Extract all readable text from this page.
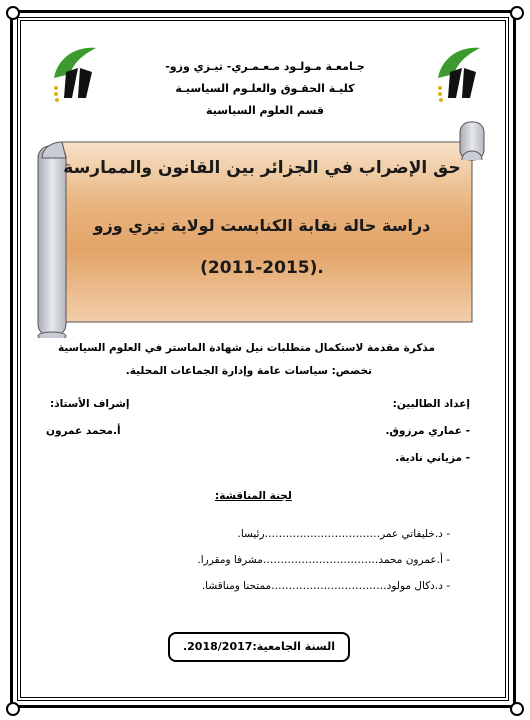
جـامعـة مـولـود مـعـمـري- تيـزي وزو-
كليـة الحقـوق والعلـوم السياسيـة
قسم العلوم السياسية
حق الإضراب في الجزائر بين القانون والممارسة
دراسة حالة نقابة الكنابست لولاية تيزي وزو
(2011-2015).
مذكرة مقدمة لاستكمال متطلبات نيل شهادة الماستر في العلوم السياسية
تخصص: سياسات عامة وإدارة الجماعات المحلية.
إعداد الطالبين:
- عماري مرزوق.
- مزياني نادية.
إشراف الأستاذ:
أ.محمد عمرون
لجنة المناقشة:
- د.خليفاتي عمر……………………………رئيسا.
- أ.عمرون محمد……………………………مشرفا ومقررا.
- د.دكال مولود……………………………ممتحنا ومناقشا.
السنة الجامعية:2018/2017.
